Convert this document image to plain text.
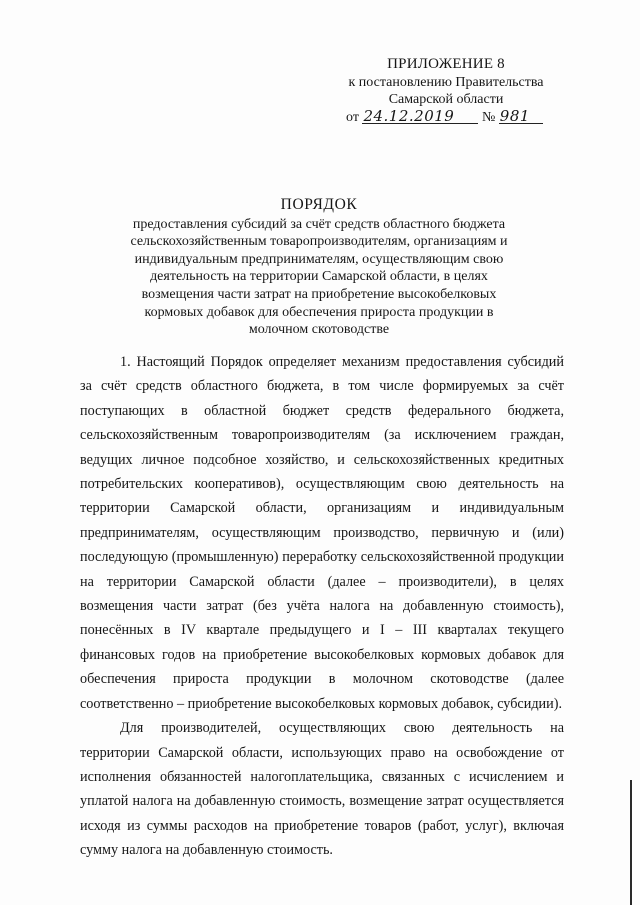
ПРИЛОЖЕНИЕ 8
к постановлению Правительства
Самарской области
от 24.12.2019 № 981
ПОРЯДОК
предоставления субсидий за счёт средств областного бюджета сельскохозяйственным товаропроизводителям, организациям и индивидуальным предпринимателям, осуществляющим свою деятельность на территории Самарской области, в целях возмещения части затрат на приобретение высокобелковых кормовых добавок для обеспечения прироста продукции в молочном скотоводстве

1. Настоящий Порядок определяет механизм предоставления субсидий за счёт средств областного бюджета, в том числе формируемых за счёт поступающих в областной бюджет средств федерального бюджета, сельскохозяйственным товаропроизводителям (за исключением граждан, ведущих личное подсобное хозяйство, и сельскохозяйственных кредитных потребительских кооперативов), осуществляющим свою деятельность на территории Самарской области, организациям и индивидуальным предпринимателям, осуществляющим производство, первичную и (или) последующую (промышленную) переработку сельскохозяйственной продукции на территории Самарской области (далее – производители), в целях возмещения части затрат (без учёта налога на добавленную стоимость), понесённых в IV квартале предыдущего и I – III кварталах текущего финансовых годов на приобретение высокобелковых кормовых добавок для обеспечения прироста продукции в молочном скотоводстве (далее соответственно – приобретение высокобелковых кормовых добавок, субсидии).

Для производителей, осуществляющих свою деятельность на территории Самарской области, использующих право на освобождение от исполнения обязанностей налогоплательщика, связанных с исчислением и уплатой налога на добавленную стоимость, возмещение затрат осуществляется исходя из суммы расходов на приобретение товаров (работ, услуг), включая сумму налога на добавленную стоимость.
